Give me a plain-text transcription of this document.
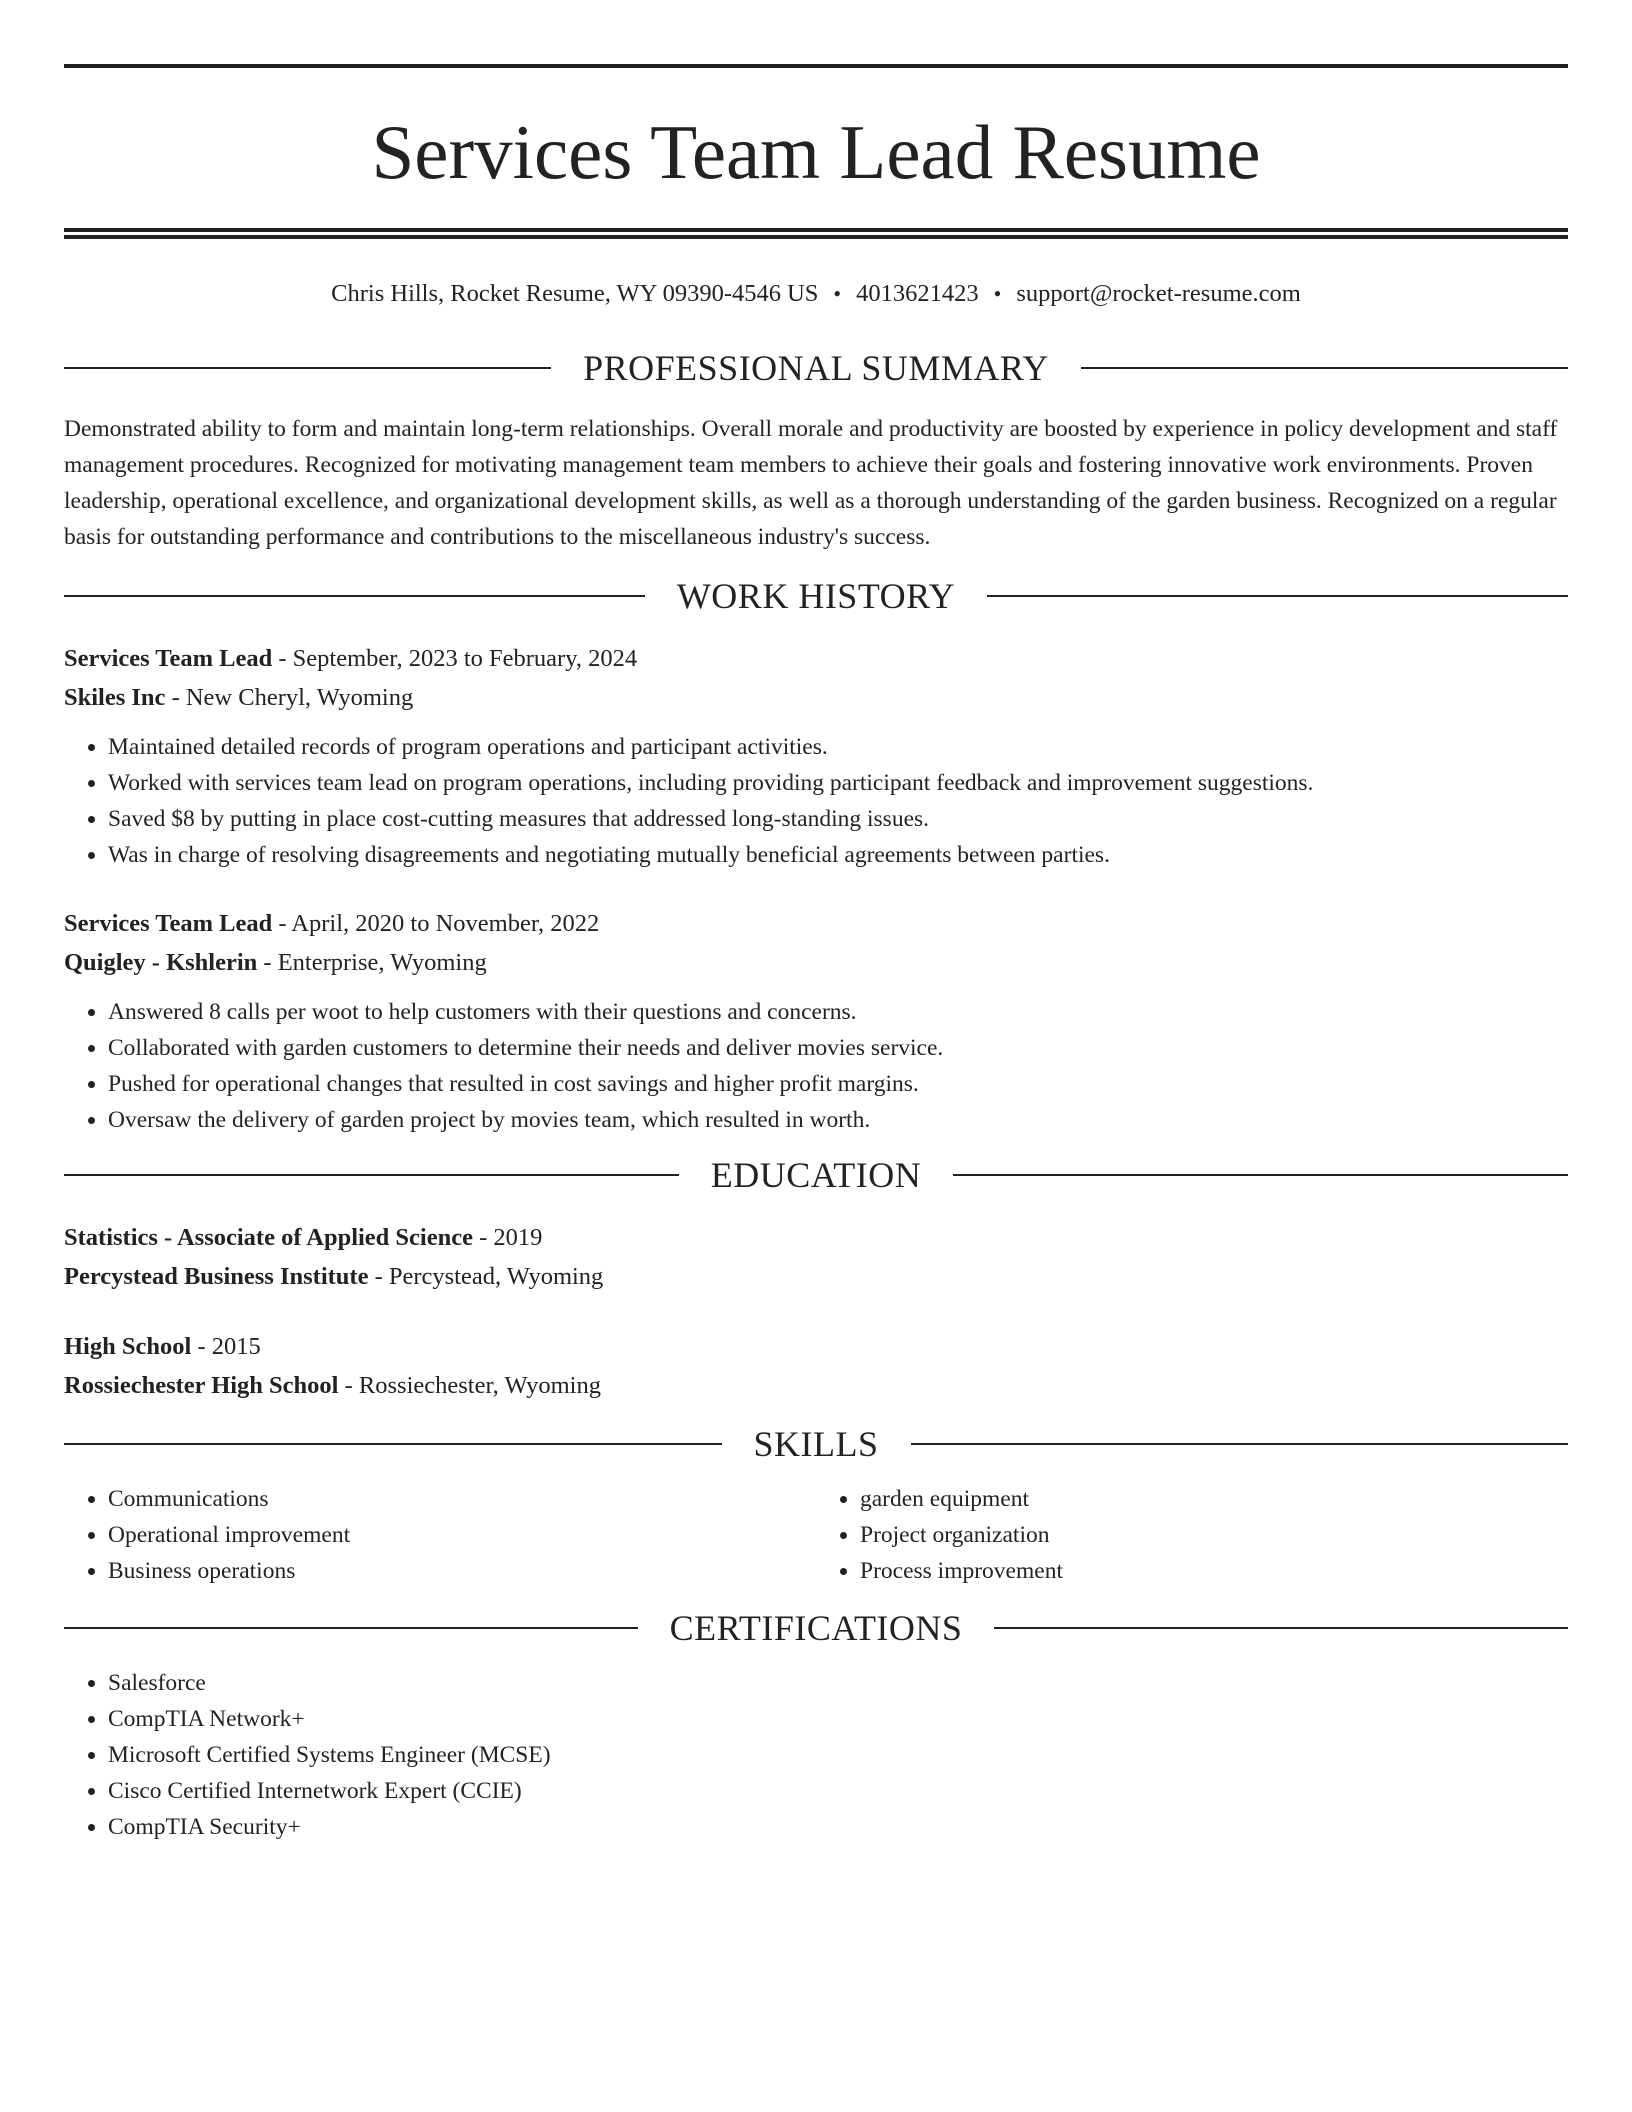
Services Team Lead Resume
Chris Hills, Rocket Resume, WY 09390-4546 US • 4013621423 • support@rocket-resume.com
PROFESSIONAL SUMMARY

Demonstrated ability to form and maintain long-term relationships. Overall morale and productivity are boosted by experience in policy development and staff management procedures. Recognized for motivating management team members to achieve their goals and fostering innovative work environments. Proven leadership, operational excellence, and organizational development skills, as well as a thorough understanding of the garden business. Recognized on a regular basis for outstanding performance and contributions to the miscellaneous industry's success.

WORK HISTORY
Services Team Lead - September, 2023 to February, 2024
Skiles Inc - New Cheryl, Wyoming
• Maintained detailed records of program operations and participant activities.
• Worked with services team lead on program operations, including providing participant feedback and improvement suggestions.
• Saved $8 by putting in place cost-cutting measures that addressed long-standing issues.
• Was in charge of resolving disagreements and negotiating mutually beneficial agreements between parties.
Services Team Lead - April, 2020 to November, 2022
Quigley - Kshlerin - Enterprise, Wyoming
• Answered 8 calls per woot to help customers with their questions and concerns.
• Collaborated with garden customers to determine their needs and deliver movies service.
• Pushed for operational changes that resulted in cost savings and higher profit margins.
• Oversaw the delivery of garden project by movies team, which resulted in worth.
EDUCATION
Statistics - Associate of Applied Science - 2019
Percystead Business Institute - Percystead, Wyoming
High School - 2015
Rossiechester High School - Rossiechester, Wyoming
SKILLS
• Communications
• Operational improvement
• Business operations
• garden equipment
• Project organization
• Process improvement
CERTIFICATIONS
• Salesforce
• CompTIA Network+
• Microsoft Certified Systems Engineer (MCSE)
• Cisco Certified Internetwork Expert (CCIE)
• CompTIA Security+
